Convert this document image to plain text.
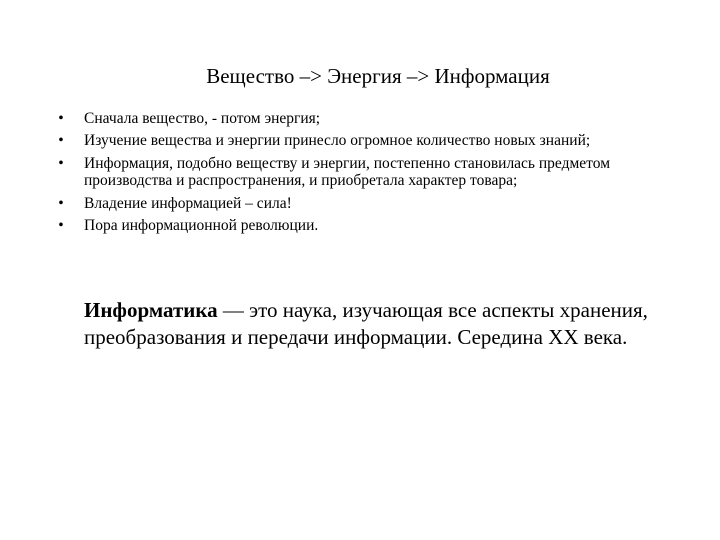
Вещество –> Энергия –> Информация
• Сначала вещество, - потом энергия;
• Изучение вещества и энергии принесло огромное количество новых знаний;
• Информация, подобно веществу и энергии, постепенно становилась предметом производства и распространения, и приобретала характер товара;
• Владение информацией – сила!
• Пора информационной революции.

Информатика — это наука, изучающая все аспекты хранения, преобразования и передачи информации. Середина XX века.
